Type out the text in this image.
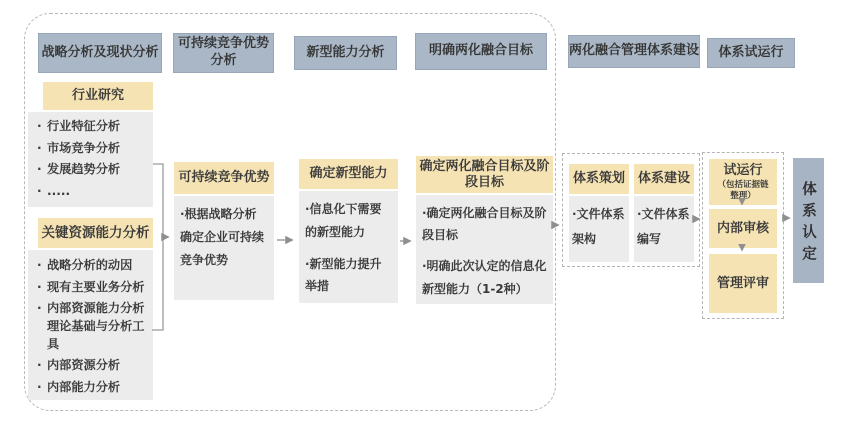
战略分析及现状分析
可持续竞争优势分析
新型能力分析	明确两化融合目标	两化融合管理体系建设	体系试运行
行业研究
· 行业特征分析
· 市场竞争分析
· 发展趋势分析
· .....
关键资源能力分析
· 战略分析的动因
· 现有主要业务分析
· 内部资源能力分析理论基础与分析工具
· 内部资源分析
· 内部能力分析
可持续竞争优势
·根据战略分析确定企业可持续竞争优势
确定新型能力

·信息化下需要的新型能力

·新型能力提升举措

确定两化融合目标及阶段目标

·确定两化融合目标及阶段目标

·明确此次认定的信息化新型能力（1-2种）

体系策划 体系建设
·文件体系架构
·文件体系编写
试运行
（包括证据链整理）
内部审核
管理评审
体系认定
